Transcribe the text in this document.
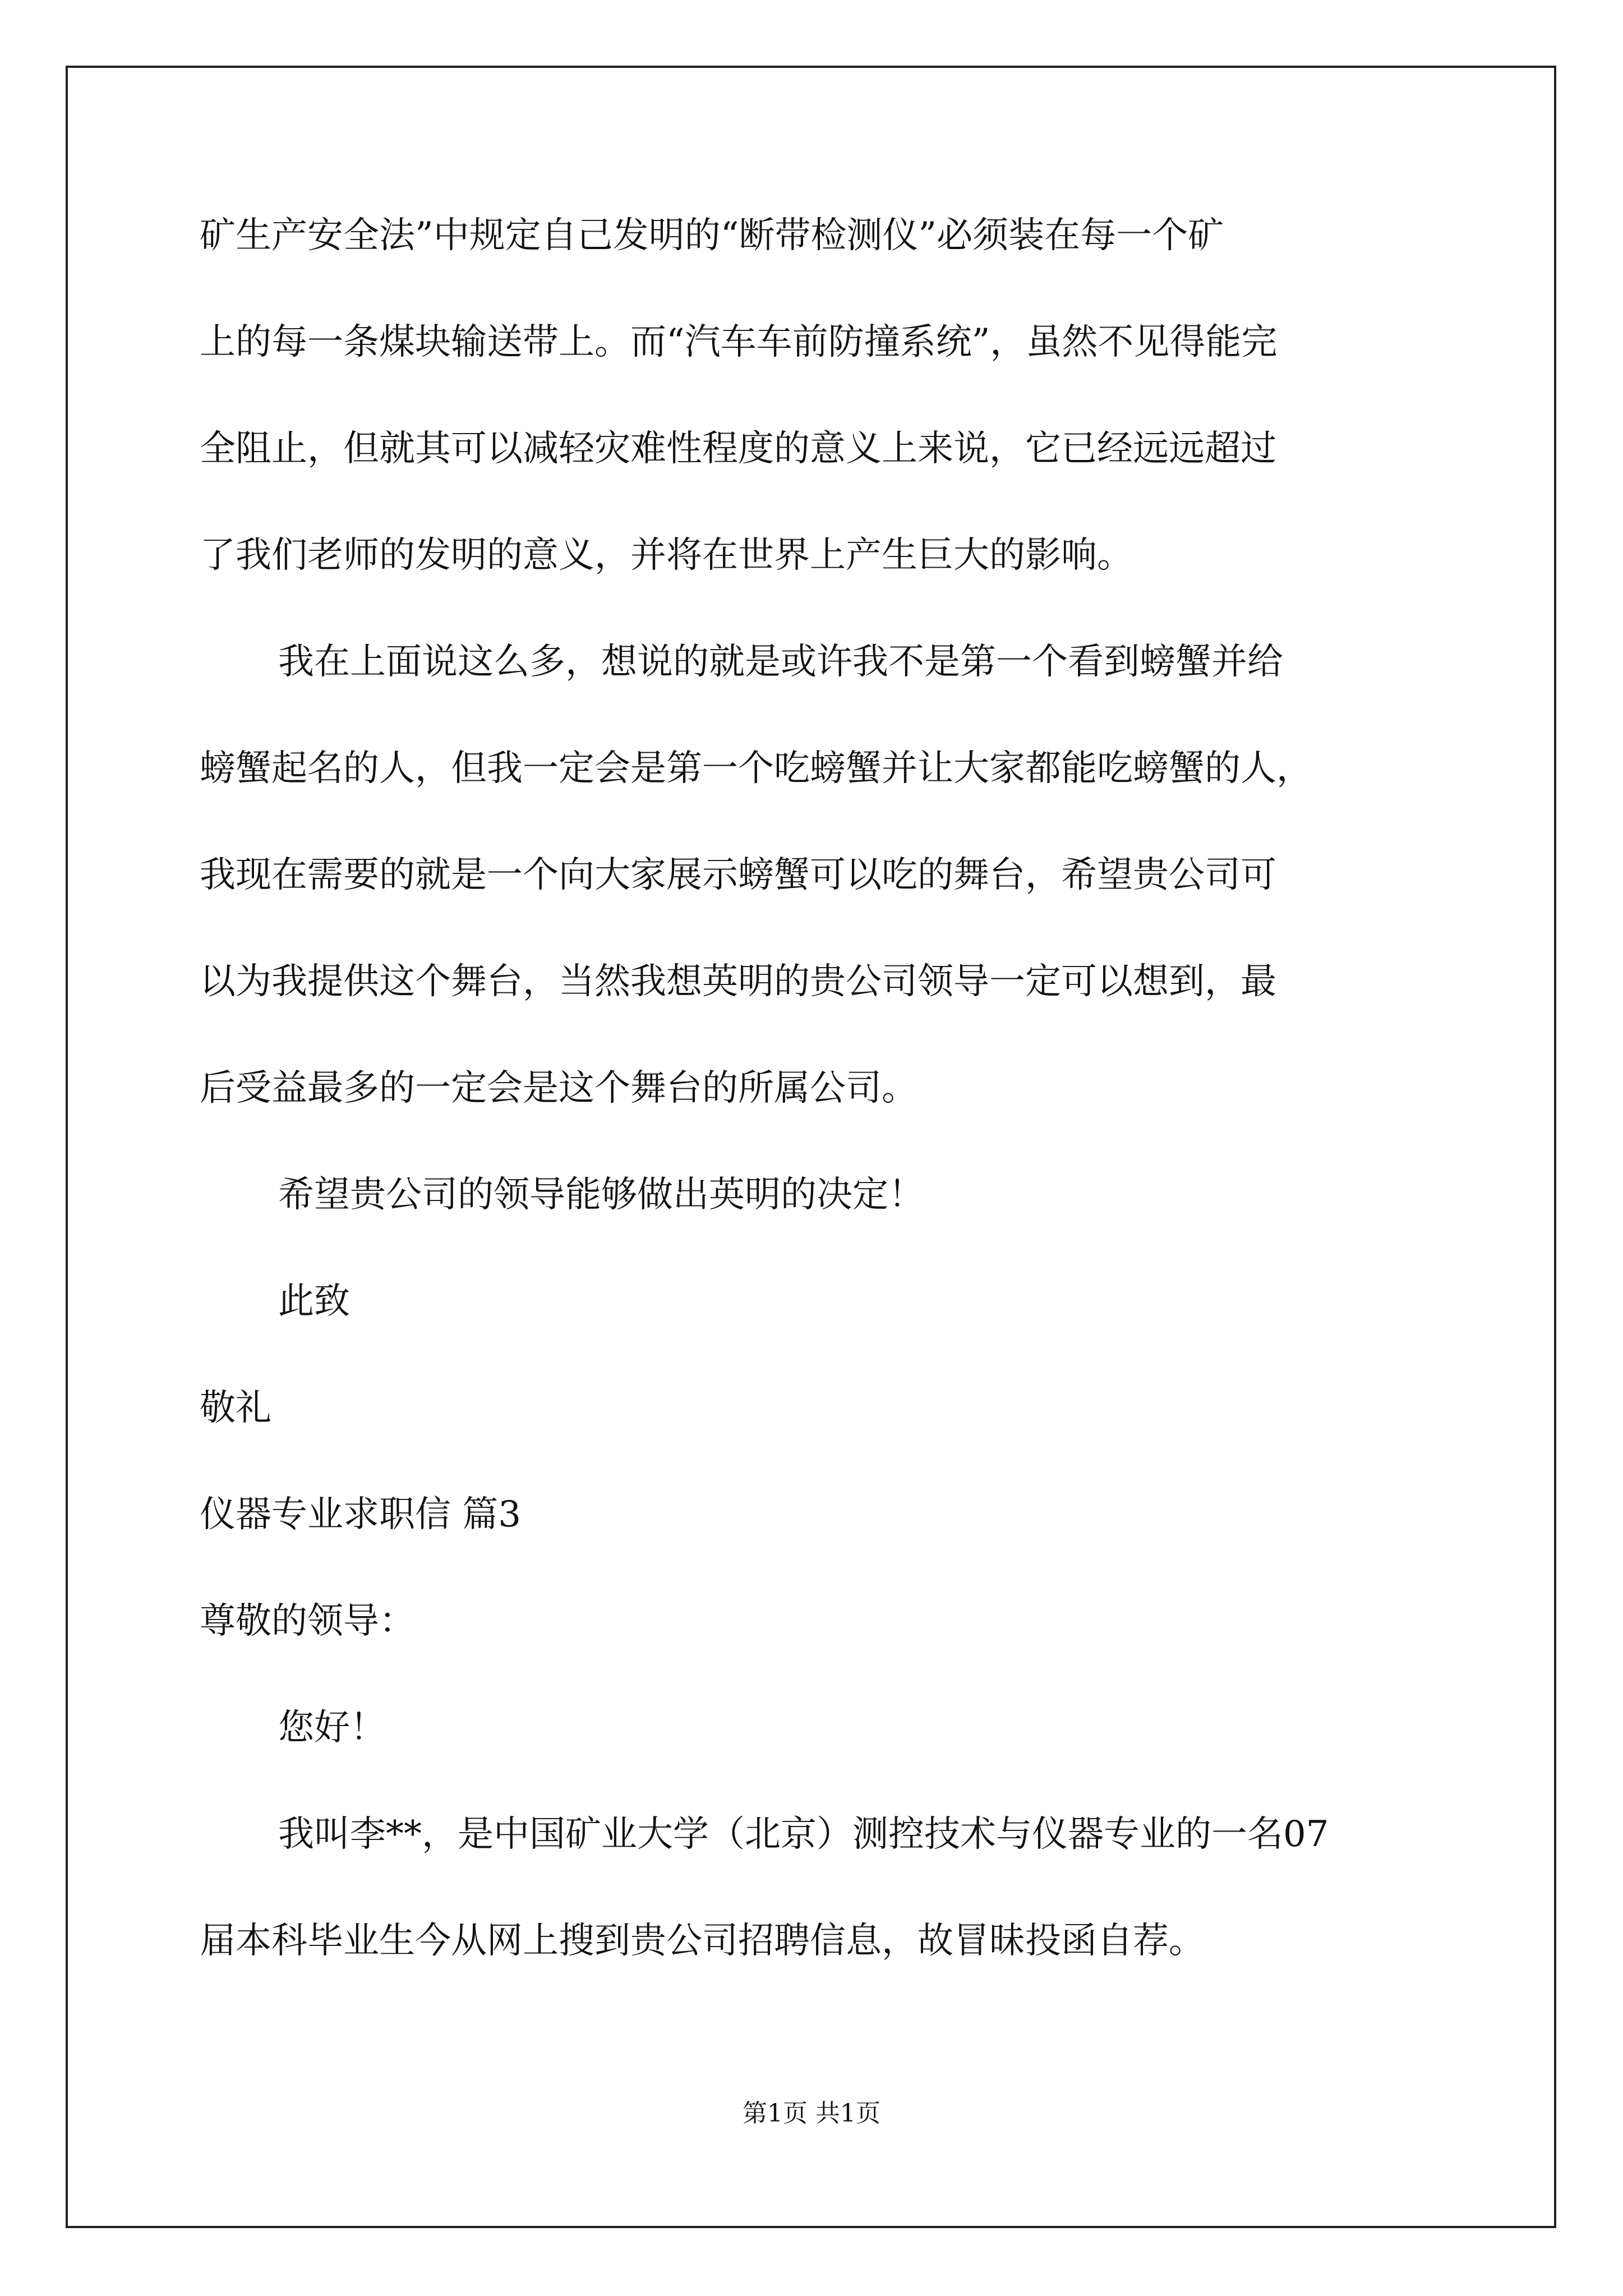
矿生产安全法”中规定自己发明的“断带检测仪”必须装在每一个矿
上的每一条煤块输送带上。而“汽车车前防撞系统”，虽然不见得能完
全阻止，但就其可以减轻灾难性程度的意义上来说，它已经远远超过
了我们老师的发明的意义，并将在世界上产生巨大的影响。
我在上面说这么多，想说的就是或许我不是第一个看到螃蟹并给
螃蟹起名的人，但我一定会是第一个吃螃蟹并让大家都能吃螃蟹的人，
我现在需要的就是一个向大家展示螃蟹可以吃的舞台，希望贵公司可
以为我提供这个舞台，当然我想英明的贵公司领导一定可以想到，最
后受益最多的一定会是这个舞台的所属公司。
希望贵公司的领导能够做出英明的决定！
此致
敬礼
仪器专业求职信 篇3
尊敬的领导：
您好！
我叫李**，是中国矿业大学（北京）测控技术与仪器专业的一名07
届本科毕业生今从网上搜到贵公司招聘信息，故冒昧投函自荐。
第1页 共1页
